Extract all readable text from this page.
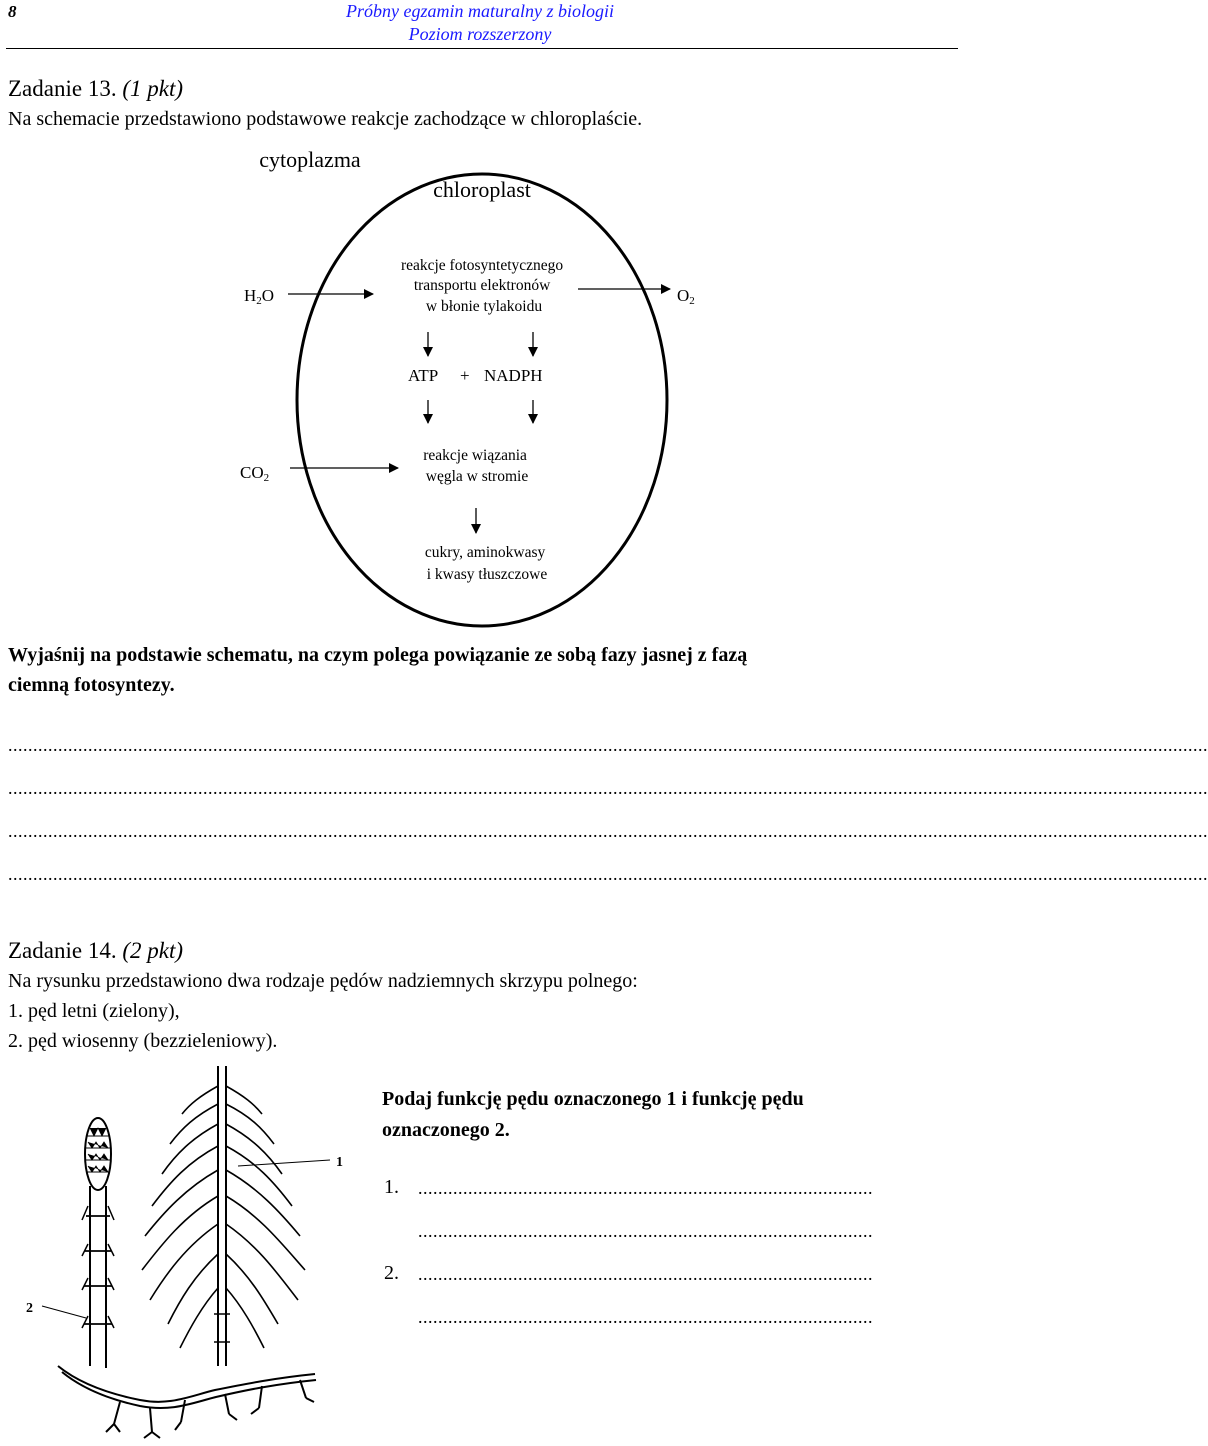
8	Próbny egzamin maturalny z biologii
Poziom rozszerzony
Zadanie 13. (1 pkt)
Na schemacie przedstawiono podstawowe reakcje zachodzące w chloroplaście.
cytoplazma
chloroplast
H2O
reakcje fotosyntetycznego transportu elektronów w błonie tylakoidu
O2
ATP + NADPH
CO2
reakcje wiązania węgla w stromie
cukry, aminokwasy i kwasy tłuszczowe
Wyjaśnij na podstawie schematu, na czym polega powiązanie ze sobą fazy jasnej z fazą
ciemną fotosyntezy.
................................................................................................................................................................................................................................................
................................................................................................................................................................................................................................................
................................................................................................................................................................................................................................................
................................................................................................................................................................................................................................................
Zadanie 14. (2 pkt)
Na rysunku przedstawiono dwa rodzaje pędów nadziemnych skrzypu polnego:
1. pęd letni (zielony),
2. pęd wiosenny (bezzieleniowy).
1
2
Podaj funkcję pędu oznaczonego 1 i funkcję pędu
oznaczonego 2.
1. ...........................................................................................
...........................................................................................
2. ...........................................................................................
...........................................................................................
